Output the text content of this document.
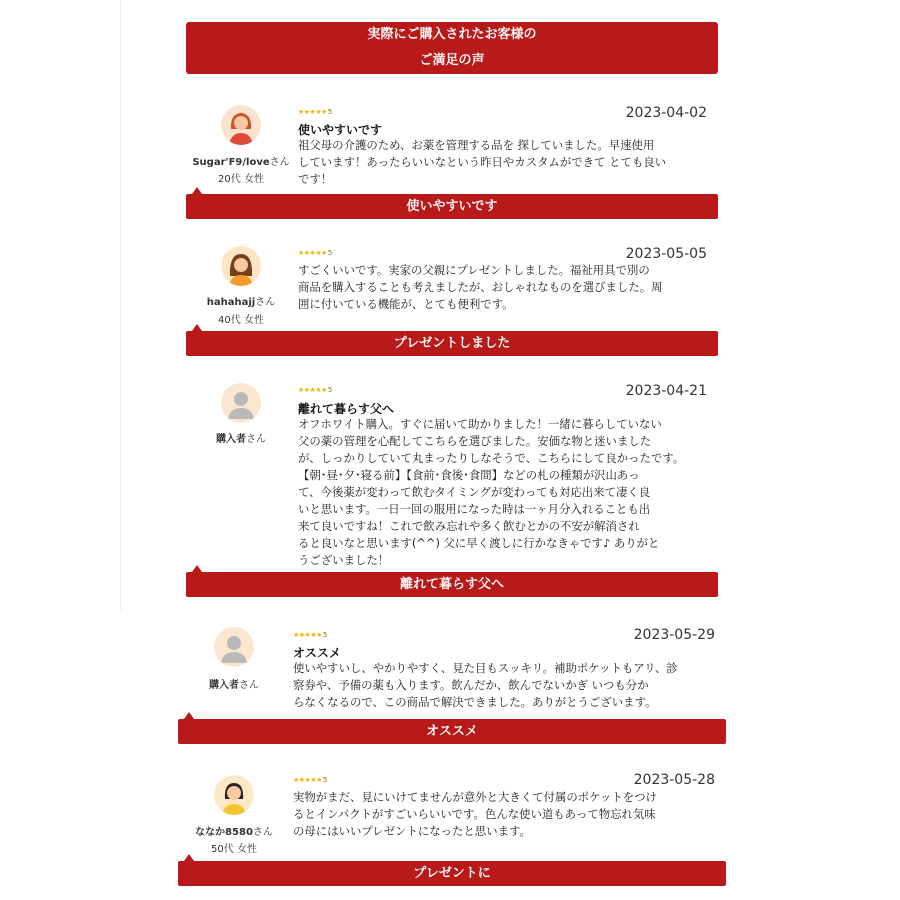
実際にご購入されたお客様の
ご満足の声
Sugar'F9/loveさん
20代 女性
★★★★★5	2023-04-02
使いやすいです
祖父母の介護のため、お薬を管理する品を 探していました。早速使用
しています！あったらいいなという昨日やカスタムができて とても良い
です！
使いやすいです
hahahajjさん
40代 女性
★★★★★5	2023-05-05
すごくいいです。実家の父親にプレゼントしました。福祉用具で別の
商品を購入することも考えましたが、おしゃれなものを選びました。周
囲に付いている機能が、とても便利です。
プレゼントしました
購入者さん
★★★★★5	2023-04-21
離れて暮らす父へ
オフホワイト購入。すぐに届いて助かりました！一緒に暮らしていない
父の薬の管理を心配してこちらを選びました。安価な物と迷いました
が、しっかりしていて丸まったりしなそうで、こちらにして良かったです。
【朝･昼･夕･寝る前】【食前･食後･食間】などの札の種類が沢山あっ
て、今後薬が変わって飲むタイミングが変わっても対応出来て凄く良
いと思います。一日一回の服用になった時は一ヶ月分入れることも出
来て良いですね！これで飲み忘れや多く飲むとかの不安が解消され
ると良いなと思います(^^) 父に早く渡しに行かなきゃです♪ ありがと
うございました！
離れて暮らす父へ
購入者さん
★★★★★5	2023-05-29
オススメ
使いやすいし、やかりやすく、見た目もスッキリ。補助ポケットもアリ、診
察券や、予備の薬も入ります。飲んだか、飲んでないかぎ いつも分か
らなくなるので、この商品で解決できました。ありがとうございます。
オススメ
ななか8580さん
50代 女性
★★★★★5	2023-05-28
実物がまだ、見にいけてませんが意外と大きくて付属のポケットをつけ
るとインパクトがすごいらいいです。色んな使い道もあって物忘れ気味
の母にはいいプレゼントになったと思います。
プレゼントに
